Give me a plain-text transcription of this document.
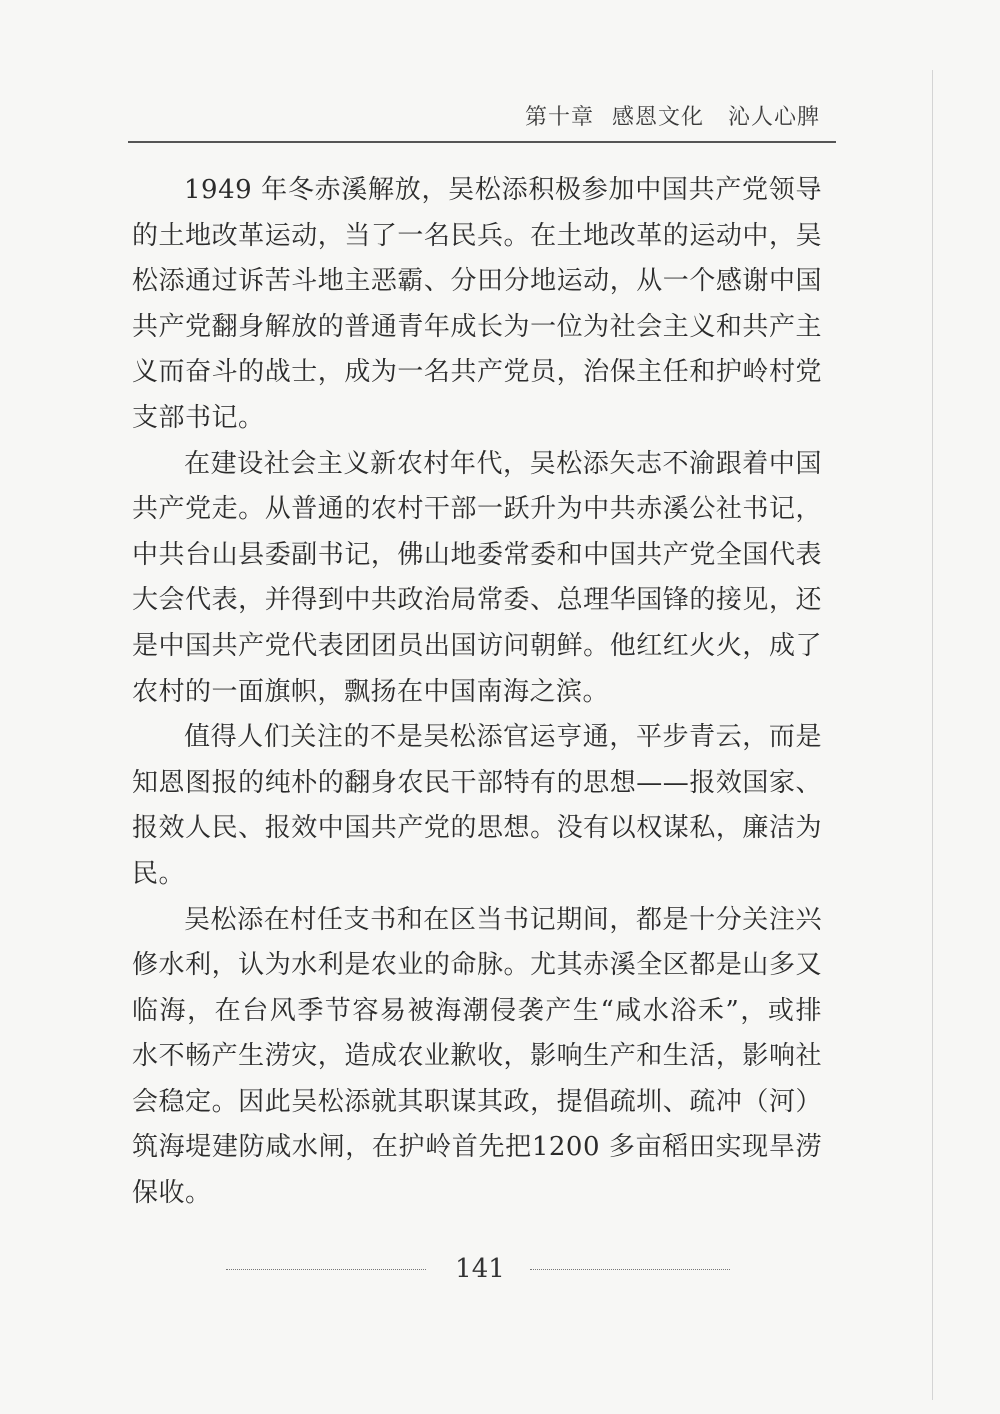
第十章 感恩文化 沁人心脾

1949 年冬赤溪解放，吴松添积极参加中国共产党领导的土地改革运动，当了一名民兵。在土地改革的运动中，吴松添通过诉苦斗地主恶霸、分田分地运动，从一个感谢中国共产党翻身解放的普通青年成长为一位为社会主义和共产主义而奋斗的战士，成为一名共产党员，治保主任和护岭村党支部书记。

在建设社会主义新农村年代，吴松添矢志不渝跟着中国共产党走。从普通的农村干部一跃升为中共赤溪公社书记，中共台山县委副书记，佛山地委常委和中国共产党全国代表大会代表，并得到中共政治局常委、总理华国锋的接见，还是中国共产党代表团团员出国访问朝鲜。他红红火火，成了农村的一面旗帜，飘扬在中国南海之滨。

值得人们关注的不是吴松添官运亨通，平步青云，而是知恩图报的纯朴的翻身农民干部特有的思想——报效国家、报效人民、报效中国共产党的思想。没有以权谋私，廉洁为民。

吴松添在村任支书和在区当书记期间，都是十分关注兴修水利，认为水利是农业的命脉。尤其赤溪全区都是山多又临海，在台风季节容易被海潮侵袭产生“咸水浴禾”，或排水不畅产生涝灾，造成农业歉收，影响生产和生活，影响社会稳定。因此吴松添就其职谋其政，提倡疏圳、疏冲（河）筑海堤建防咸水闸，在护岭首先把1200 多亩稻田实现旱涝保收。

141
